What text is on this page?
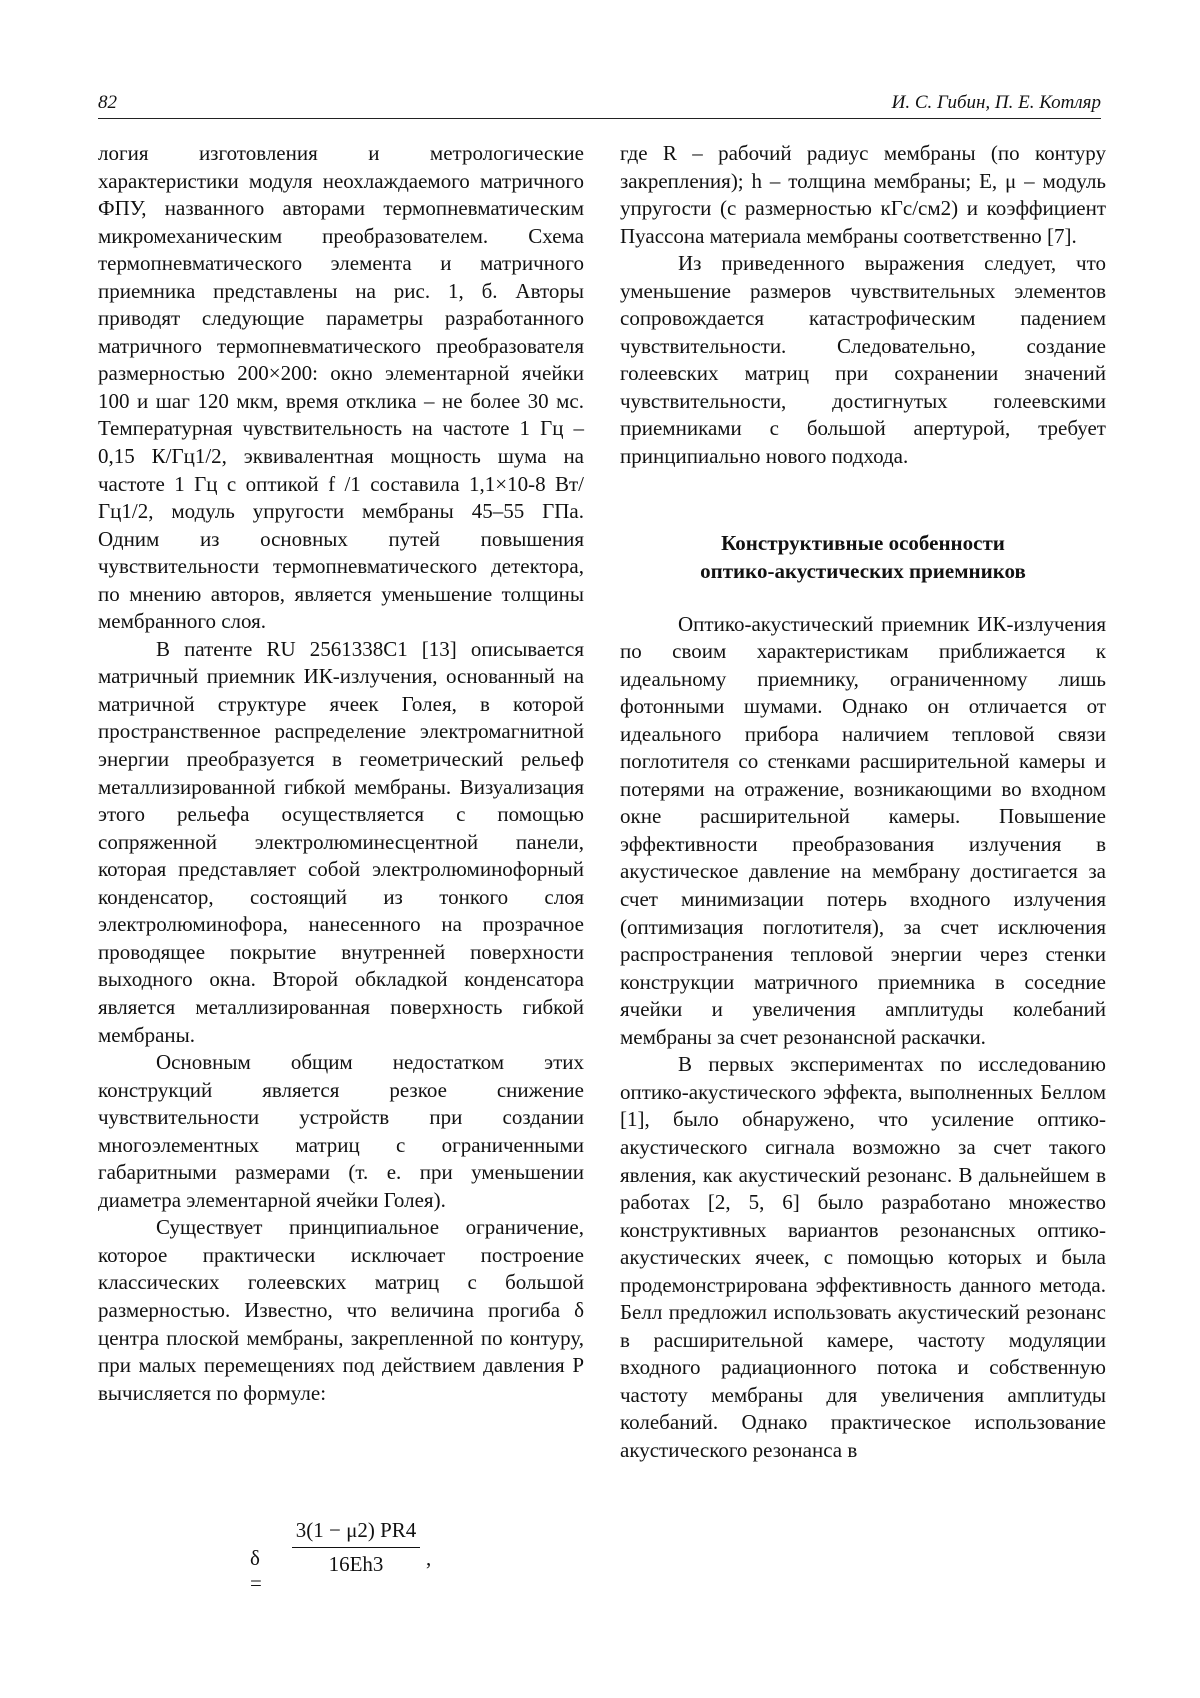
82	И. С. Гибин, П. Е. Котляр

логия изготовления и метрологические характеристики модуля неохлаждаемого матричного ФПУ, названного авторами термопневматическим микромеханическим преобразователем. Схема термопневматического элемента и матричного приемника представлены на рис. 1, б. Авторы приводят следующие параметры разработанного матричного термопневматического преобразователя размерностью 200×200: окно элементарной ячейки 100 и шаг 120 мкм, время отклика – не более 30 мс. Температурная чувствительность на частоте 1 Гц – 0,15 К/Гц1/2, эквивалентная мощность шума на частоте 1 Гц с оптикой f /1 составила 1,1×10-8 Вт/ Гц1/2, модуль упругости мембраны 45–55 ГПа. Одним из основных путей повышения чувствительности термопневматического детектора, по мнению авторов, является уменьшение толщины мембранного слоя.

В патенте RU 2561338C1 [13] описывается матричный приемник ИК-излучения, основанный на матричной структуре ячеек Голея, в которой пространственное распределение электромагнитной энергии преобразуется в геометрический рельеф металлизированной гибкой мембраны. Визуализация этого рельефа осуществляется с помощью сопряженной электролюминесцентной панели, которая представляет собой электролюминофорный конденсатор, состоящий из тонкого слоя электролюминофора, нанесенного на прозрачное проводящее покрытие внутренней поверхности выходного окна. Второй обкладкой конденсатора является металлизированная поверхность гибкой мембраны.

Основным общим недостатком этих конструкций является резкое снижение чувствительности устройств при создании многоэлементных матриц с ограниченными габаритными размерами (т. е. при уменьшении диаметра элементарной ячейки Голея).

Существует принципиальное ограничение, которое практически исключает построение классических голеевских матриц с большой размерностью. Известно, что величина прогиба δ центра плоской мембраны, закрепленной по контуру, при малых перемещениях под действием давления P вычисляется по формуле:

δ =
3(1 − μ2) PR4
16Eh3	,

где R – рабочий радиус мембраны (по контуру закрепления); h – толщина мембраны; E, μ – модуль упругости (с размерностью кГс/см2) и коэффициент Пуассона материала мембраны соответственно [7].

Из приведенного выражения следует, что уменьшение размеров чувствительных элементов сопровождается катастрофическим падением чувствительности. Следовательно, создание голеевских матриц при сохранении значений чувствительности, достигнутых голеевскими приемниками с большой апертурой, требует принципиально нового подхода.

Конструктивные особенности
оптико-акустических приемников

Оптико-акустический приемник ИК-излучения по своим характеристикам приближается к идеальному приемнику, ограниченному лишь фотонными шумами. Однако он отличается от идеального прибора наличием тепловой связи поглотителя со стенками расширительной камеры и потерями на отражение, возникающими во входном окне расширительной камеры. Повышение эффективности преобразования излучения в акустическое давление на мембрану достигается за счет минимизации потерь входного излучения (оптимизация поглотителя), за счет исключения распространения тепловой энергии через стенки конструкции матричного приемника в соседние ячейки и увеличения амплитуды колебаний мембраны за счет резонансной раскачки.

В первых экспериментах по исследованию оптико-акустического эффекта, выполненных Беллом [1], было обнаружено, что усиление оптико-акустического сигнала возможно за счет такого явления, как акустический резонанс. В дальнейшем в работах [2, 5, 6] было разработано множество конструктивных вариантов резонансных оптико-акустических ячеек, с помощью которых и была продемонстрирована эффективность данного метода. Белл предложил использовать акустический резонанс в расширительной камере, частоту модуляции входного радиационного потока и собственную частоту мембраны для увеличения амплитуды колебаний. Однако практическое использование акустического резонанса в
